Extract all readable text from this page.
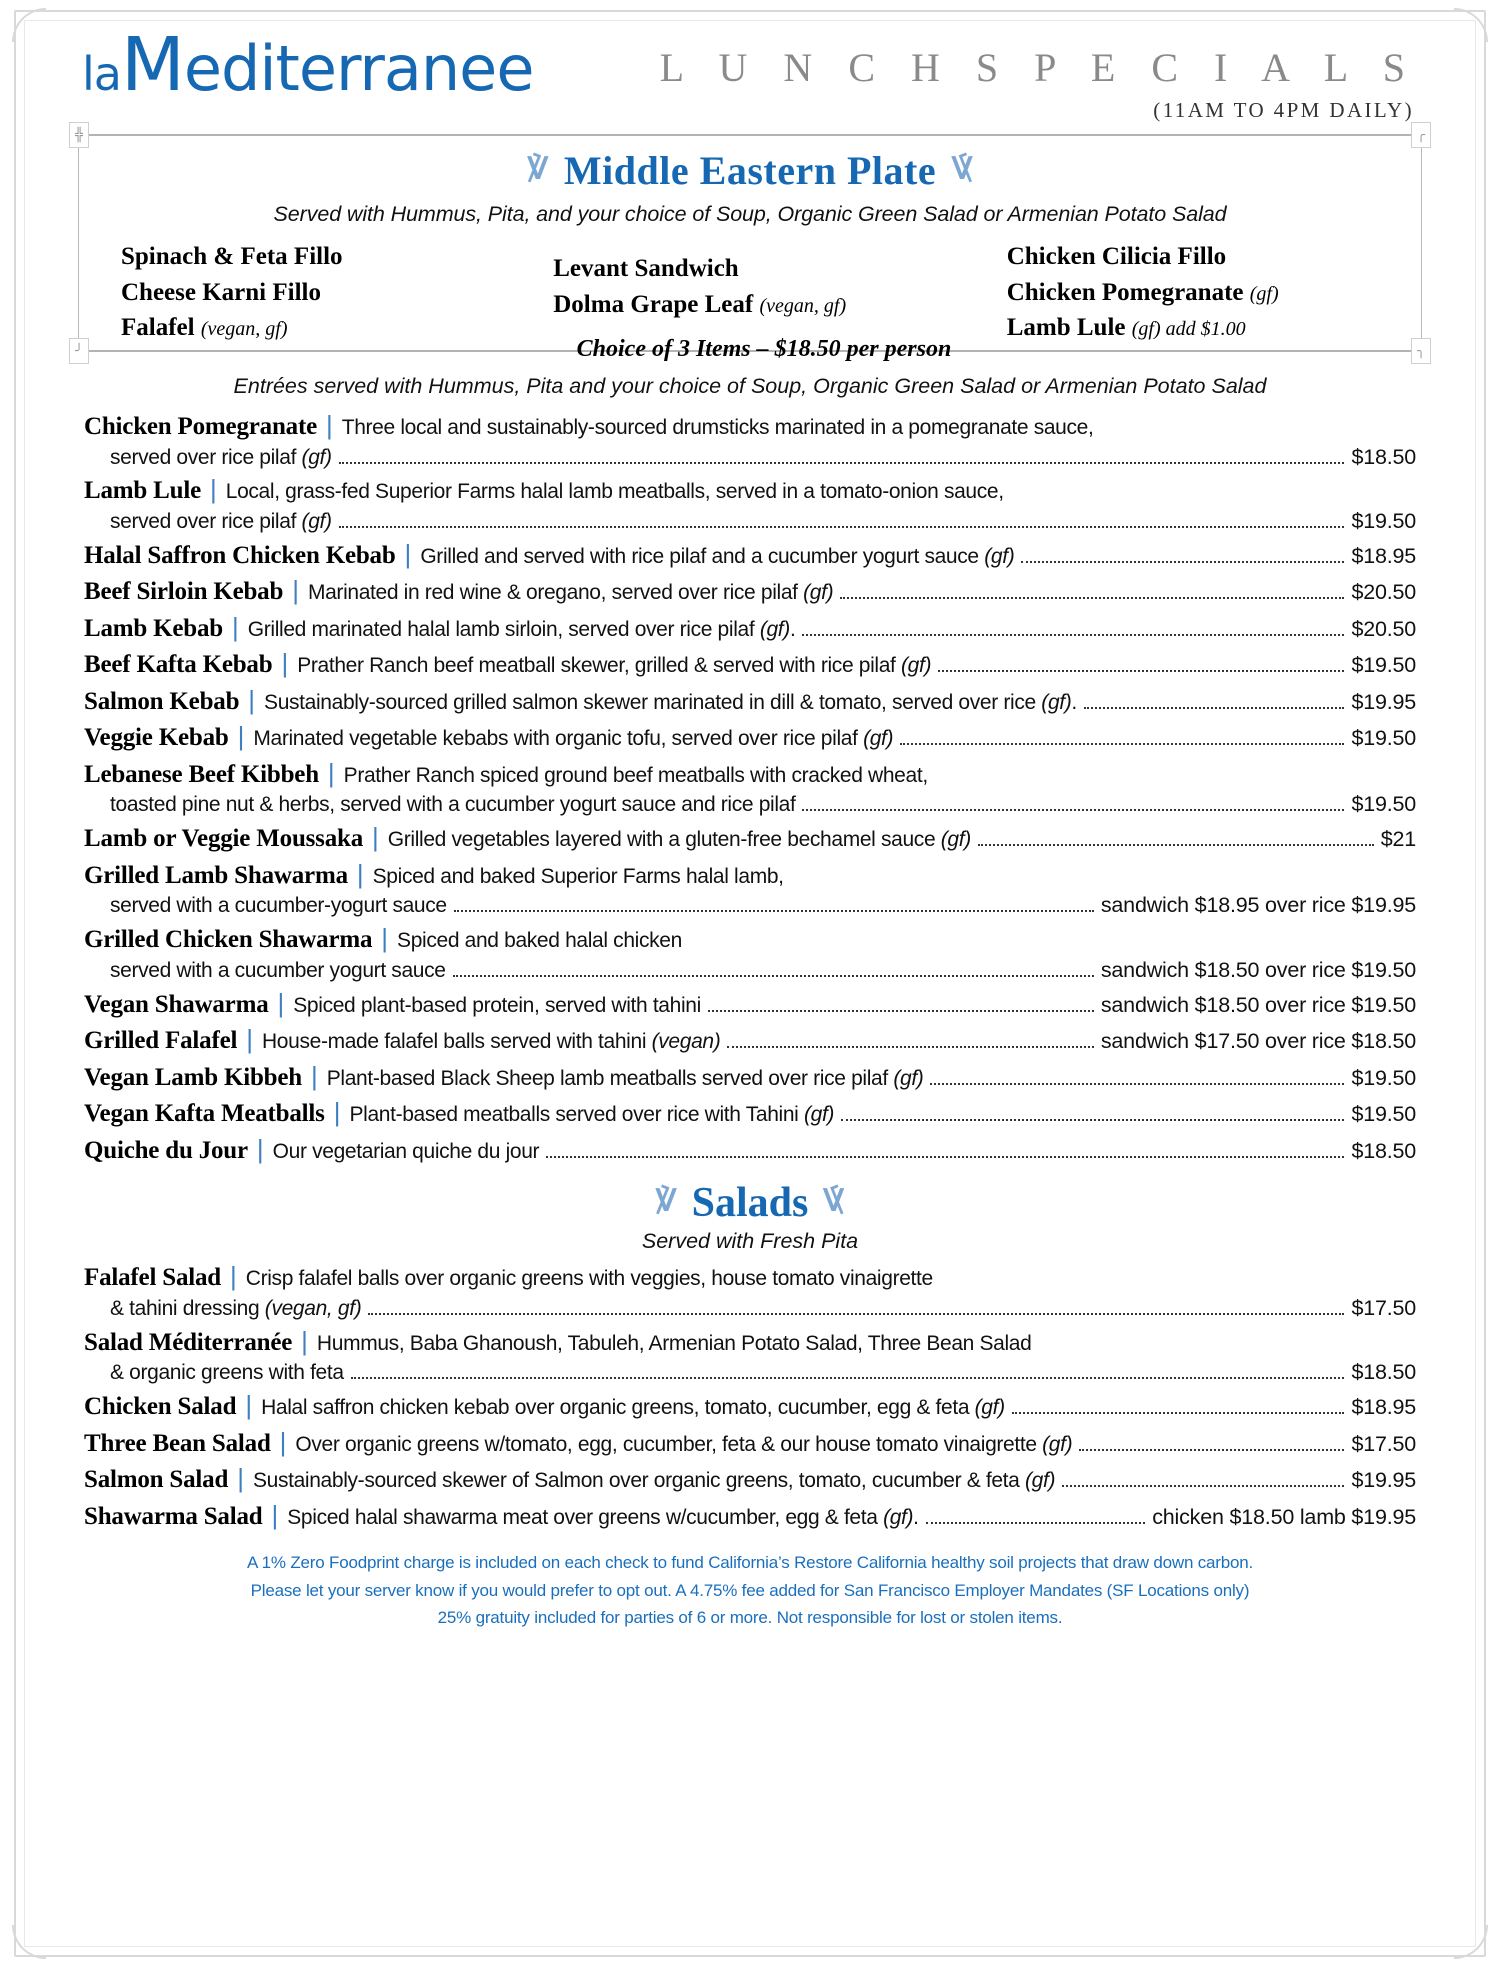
laMediterranee	L U N C H S P E C I A L S
(11AM TO 4PM DAILY)
╬	╭
╯	╮
℣ Middle Eastern Plate ℣
Served with Hummus, Pita, and your choice of Soup, Organic Green Salad or Armenian Potato Salad
Spinach & Feta Fillo
Cheese Karni Fillo
Falafel (vegan, gf)
Levant Sandwich
Dolma Grape Leaf (vegan, gf)
Choice of 3 Items – $18.50 per person
Chicken Cilicia Fillo
Chicken Pomegranate (gf)
Lamb Lule (gf) add $1.00
Entrées served with Hummus, Pita and your choice of Soup, Organic Green Salad or Armenian Potato Salad
Chicken Pomegranate | Three local and sustainably-sourced drumsticks marinated in a pomegranate sauce,
served over rice pilaf (gf)	$18.50
Lamb Lule | Local, grass-fed Superior Farms halal lamb meatballs, served in a tomato-onion sauce,
served over rice pilaf (gf)	$19.50
Halal Saffron Chicken Kebab | Grilled and served with rice pilaf and a cucumber yogurt sauce (gf)	$18.95
Beef Sirloin Kebab | Marinated in red wine & oregano, served over rice pilaf (gf)	$20.50
Lamb Kebab | Grilled marinated halal lamb sirloin, served over rice pilaf (gf).	$20.50
Beef Kafta Kebab | Prather Ranch beef meatball skewer, grilled & served with rice pilaf (gf)	$19.50
Salmon Kebab | Sustainably-sourced grilled salmon skewer marinated in dill & tomato, served over rice (gf).	$19.95
Veggie Kebab | Marinated vegetable kebabs with organic tofu, served over rice pilaf (gf)	$19.50
Lebanese Beef Kibbeh | Prather Ranch spiced ground beef meatballs with cracked wheat,
toasted pine nut & herbs, served with a cucumber yogurt sauce and rice pilaf	$19.50
Lamb or Veggie Moussaka | Grilled vegetables layered with a gluten-free bechamel sauce (gf)	$21
Grilled Lamb Shawarma | Spiced and baked Superior Farms halal lamb,
served with a cucumber-yogurt sauce	sandwich $18.95 over rice $19.95
Grilled Chicken Shawarma | Spiced and baked halal chicken
served with a cucumber yogurt sauce	sandwich $18.50 over rice $19.50
Vegan Shawarma | Spiced plant-based protein, served with tahini	sandwich $18.50 over rice $19.50
Grilled Falafel | House-made falafel balls served with tahini (vegan)	sandwich $17.50 over rice $18.50
Vegan Lamb Kibbeh | Plant-based Black Sheep lamb meatballs served over rice pilaf (gf)	$19.50
Vegan Kafta Meatballs | Plant-based meatballs served over rice with Tahini (gf)	$19.50
Quiche du Jour | Our vegetarian quiche du jour	$18.50
℣ Salads ℣
Served with Fresh Pita
Falafel Salad | Crisp falafel balls over organic greens with veggies, house tomato vinaigrette
& tahini dressing (vegan, gf)	$17.50
Salad Méditerranée | Hummus, Baba Ghanoush, Tabuleh, Armenian Potato Salad, Three Bean Salad
& organic greens with feta	$18.50
Chicken Salad | Halal saffron chicken kebab over organic greens, tomato, cucumber, egg & feta (gf)	$18.95
Three Bean Salad | Over organic greens w/tomato, egg, cucumber, feta & our house tomato vinaigrette (gf)	$17.50
Salmon Salad | Sustainably-sourced skewer of Salmon over organic greens, tomato, cucumber & feta (gf)	$19.95
Shawarma Salad | Spiced halal shawarma meat over greens w/cucumber, egg & feta (gf).	chicken $18.50 lamb $19.95
A 1% Zero Foodprint charge is included on each check to fund California’s Restore California healthy soil projects that draw down carbon.
Please let your server know if you would prefer to opt out. A 4.75% fee added for San Francisco Employer Mandates (SF Locations only)
25% gratuity included for parties of 6 or more. Not responsible for lost or stolen items.
